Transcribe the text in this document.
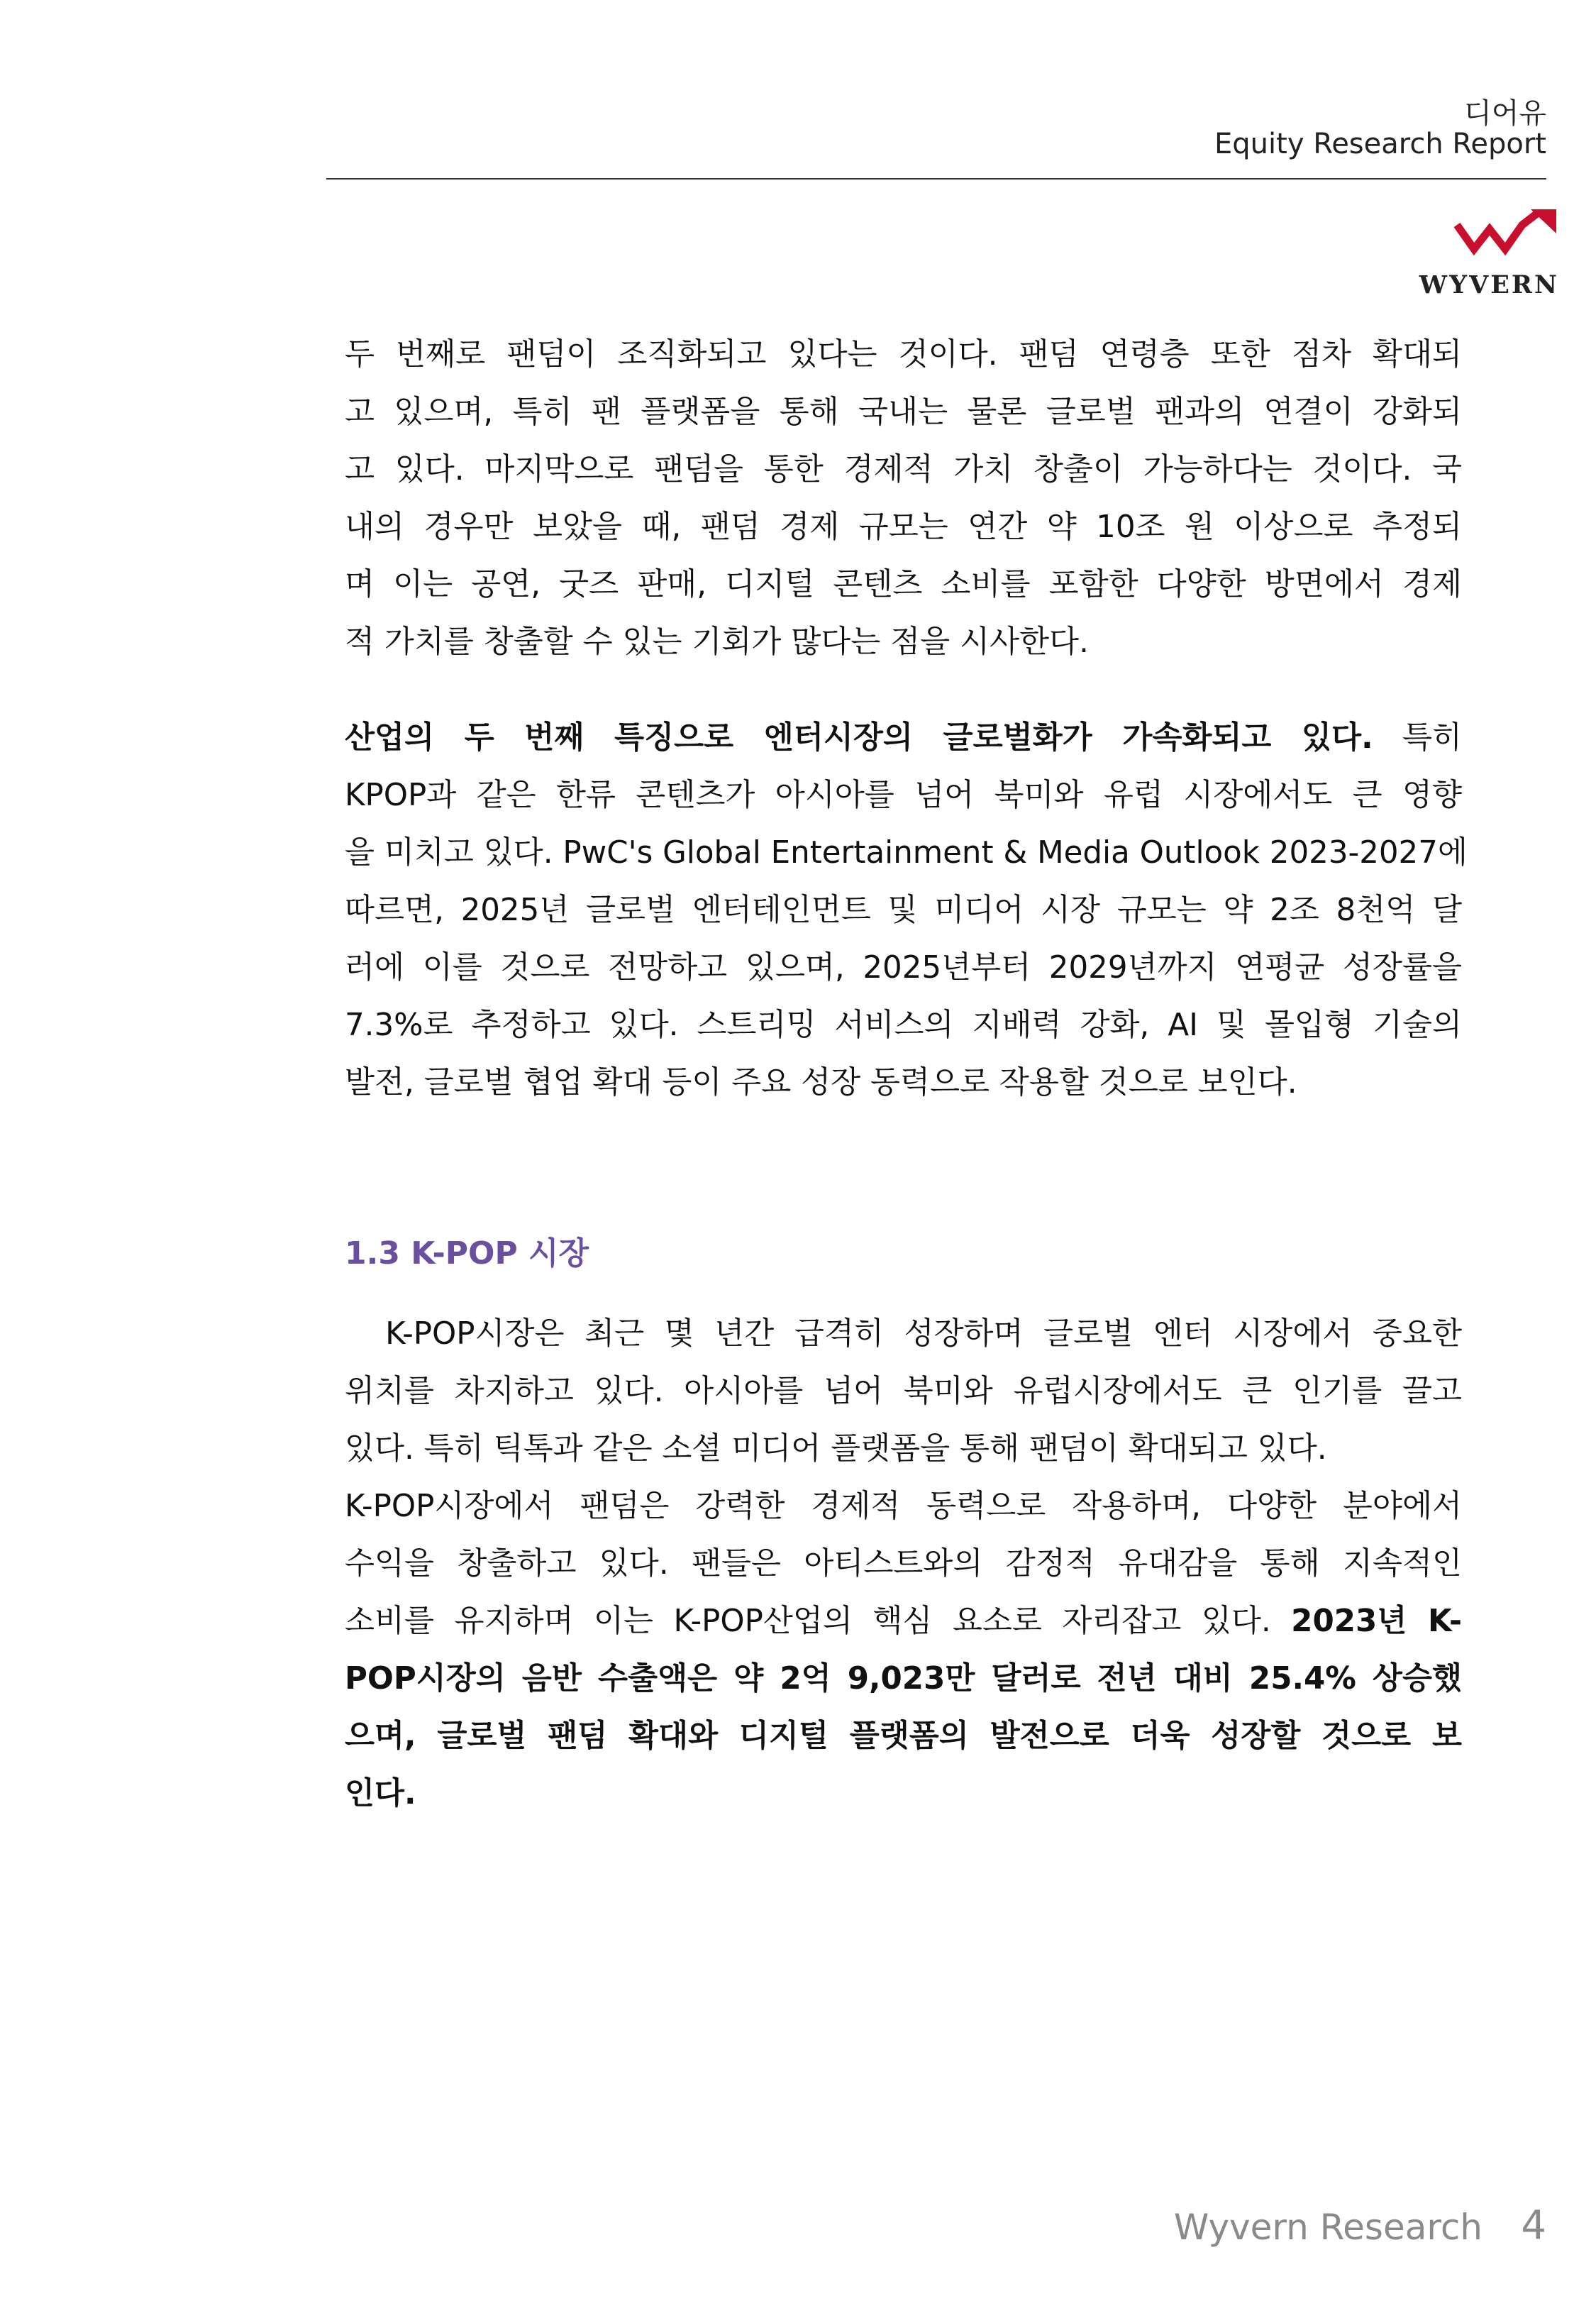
디어유
Equity Research Report
WYVERN

두 번째로 팬덤이 조직화되고 있다는 것이다. 팬덤 연령층 또한 점차 확대되
고 있으며, 특히 팬 플랫폼을 통해 국내는 물론 글로벌 팬과의 연결이 강화되
고 있다. 마지막으로 팬덤을 통한 경제적 가치 창출이 가능하다는 것이다. 국
내의 경우만 보았을 때, 팬덤 경제 규모는 연간 약 10조 원 이상으로 추정되
며 이는 공연, 굿즈 판매, 디지털 콘텐츠 소비를 포함한 다양한 방면에서 경제
적 가치를 창출할 수 있는 기회가 많다는 점을 시사한다.

산업의 두 번째 특징으로 엔터시장의 글로벌화가 가속화되고 있다. 특히
KPOP과 같은 한류 콘텐츠가 아시아를 넘어 북미와 유럽 시장에서도 큰 영향
을 미치고 있다. PwC's Global Entertainment & Media Outlook 2023-2027에
따르면, 2025년 글로벌 엔터테인먼트 및 미디어 시장 규모는 약 2조 8천억 달
러에 이를 것으로 전망하고 있으며, 2025년부터 2029년까지 연평균 성장률을
7.3%로 추정하고 있다. 스트리밍 서비스의 지배력 강화, AI 및 몰입형 기술의
발전, 글로벌 협업 확대 등이 주요 성장 동력으로 작용할 것으로 보인다.

1.3 K-POP 시장

K-POP시장은 최근 몇 년간 급격히 성장하며 글로벌 엔터 시장에서 중요한
위치를 차지하고 있다. 아시아를 넘어 북미와 유럽시장에서도 큰 인기를 끌고
있다. 특히 틱톡과 같은 소셜 미디어 플랫폼을 통해 팬덤이 확대되고 있다.
K-POP시장에서 팬덤은 강력한 경제적 동력으로 작용하며, 다양한 분야에서
수익을 창출하고 있다. 팬들은 아티스트와의 감정적 유대감을 통해 지속적인
소비를 유지하며 이는 K-POP산업의 핵심 요소로 자리잡고 있다. 2023년 K-
POP시장의 음반 수출액은 약 2억 9,023만 달러로 전년 대비 25.4% 상승했
으며, 글로벌 팬덤 확대와 디지털 플랫폼의 발전으로 더욱 성장할 것으로 보
인다.

Wyvern Research 4
